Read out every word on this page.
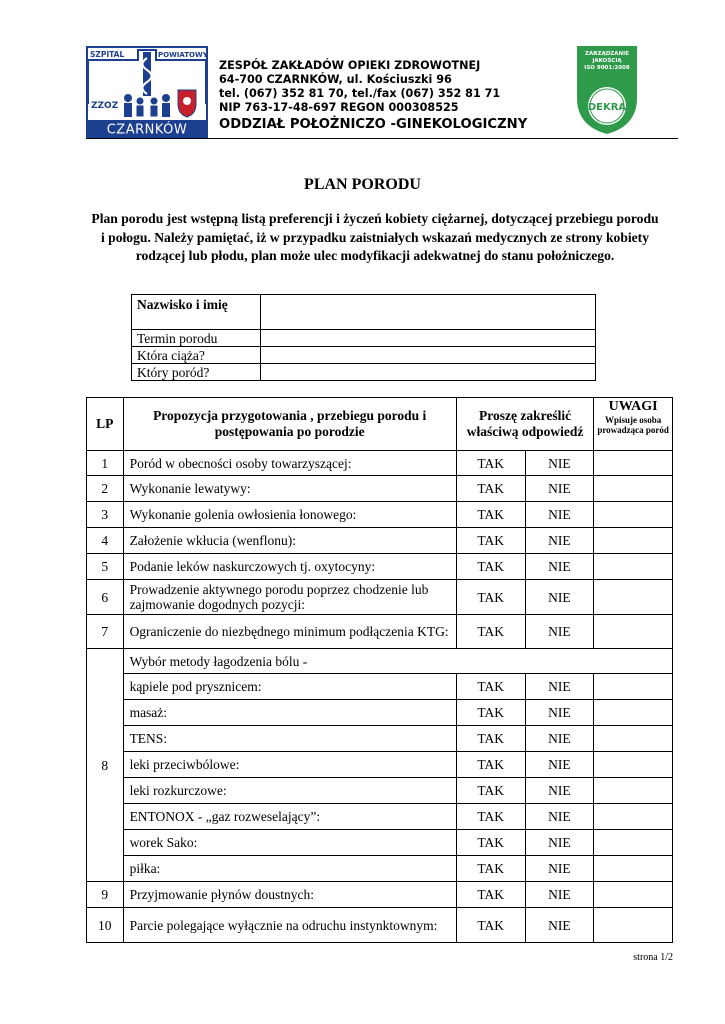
SZPITAL	POWIATOWY
ZZOZ
CZARNKÓW
ZESPÓŁ ZAKŁADÓW OPIEKI ZDROWOTNEJ
64-700 CZARNKÓW, ul. Kościuszki 96
tel. (067) 352 81 70, tel./fax (067) 352 81 71
NIP 763-17-48-697 REGON 000308525
ODDZIAŁ POŁOŻNICZO -GINEKOLOGICZNY
ZARZĄDZANIE
JAKOŚCIĄ
ISO 9001:2008
DEKRA
PLAN PORODU
Plan porodu jest wstępną listą preferencji i życzeń kobiety ciężarnej, dotyczącej przebiegu porodu i połogu. Należy pamiętać, iż w przypadku zaistniałych wskazań medycznych ze strony kobiety rodzącej lub płodu, plan może ulec modyfikacji adekwatnej do stanu położniczego.
Nazwisko i imię	
Termin porodu	
Która ciąża?	
Który poród?	
LP	Propozycja przygotowania , przebiegu porodu i postępowania po porodzie	Proszę zakreślić właściwą odpowiedź		UWAGI
Wpisuje osoba prowadząca poród

1	Poród w obecności osoby towarzyszącej:	TAK	NIE	
2	Wykonanie lewatywy:	TAK	NIE	
3	Wykonanie golenia owłosienia łonowego:	TAK	NIE	
4	Założenie wkłucia (wenflonu):	TAK	NIE	
5	Podanie leków naskurczowych tj. oxytocyny:	TAK	NIE	
6	Prowadzenie aktywnego porodu poprzez chodzenie lub zajmowanie dogodnych pozycji:	TAK	NIE	
7	Ograniczenie do niezbędnego minimum podłączenia KTG:	TAK	NIE	
8	Wybór metody łagodzenia bólu -			
	kąpiele pod prysznicem:	TAK	NIE	
	masaż:	TAK	NIE	
	TENS:	TAK	NIE	
	leki przeciwbólowe:	TAK	NIE	
	leki rozkurczowe:	TAK	NIE	
	ENTONOX - „gaz rozweselający”:	TAK	NIE	
	worek Sako:	TAK	NIE	
	piłka:	TAK	NIE	
9	Przyjmowanie płynów doustnych:	TAK	NIE	
10	Parcie polegające wyłącznie na odruchu instynktownym:	TAK	NIE	
strona 1/2
